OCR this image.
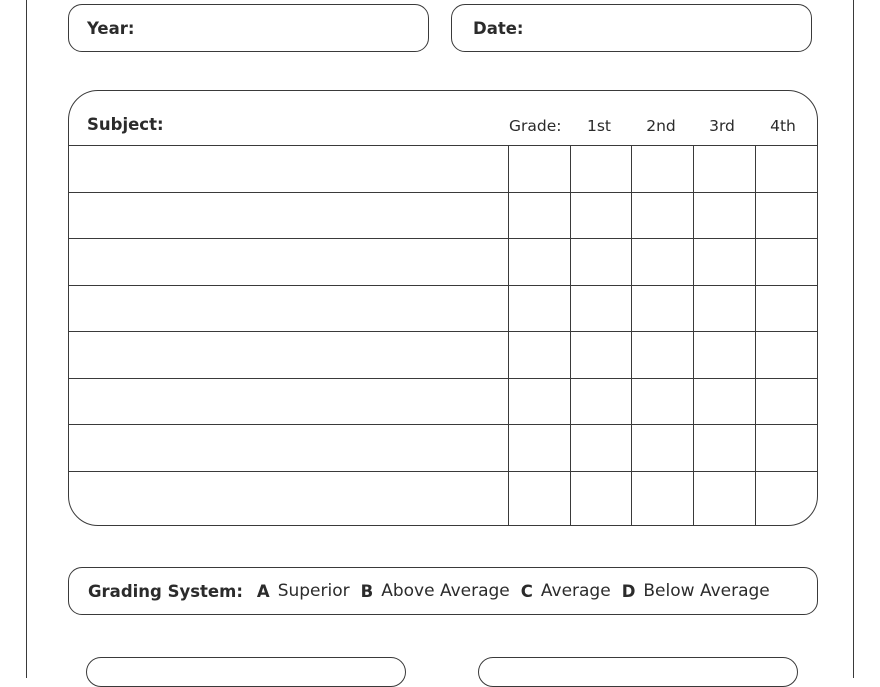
Year:	Date:
Subject:	Grade:	1st	2nd	3rd	4th
Grading System: A Superior B Above Average C Average D Below Average
